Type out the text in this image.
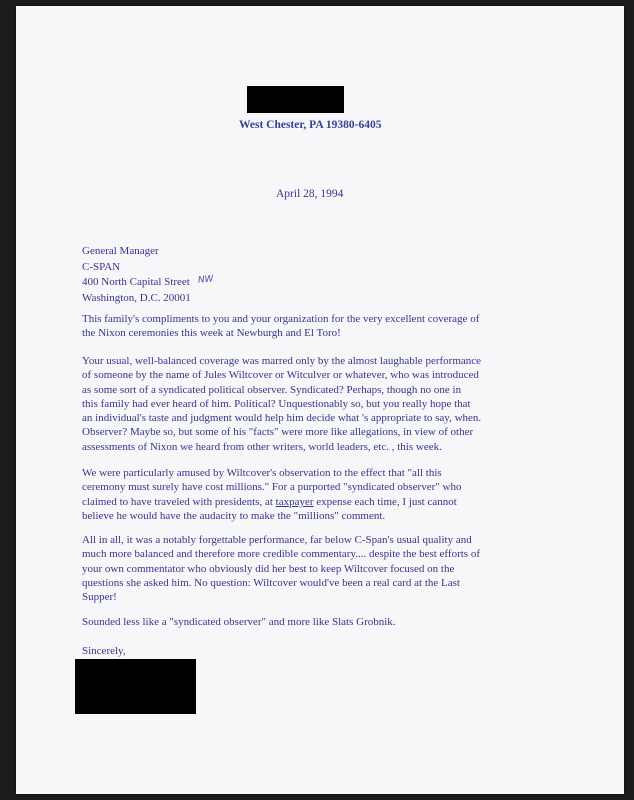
West Chester, PA 19380-6405
April 28, 1994
General Manager
C-SPAN
400 North Capital Street NW
Washington, D.C. 20001
This family's compliments to you and your organization for the very excellent coverage of
the Nixon ceremonies this week at Newburgh and El Toro!
Your usual, well-balanced coverage was marred only by the almost laughable performance
of someone by the name of Jules Wiltcover or Witculver or whatever, who was introduced
as some sort of a syndicated political observer. Syndicated? Perhaps, though no one in
this family had ever heard of him. Political? Unquestionably so, but you really hope that
an individual's taste and judgment would help him decide what 's appropriate to say, when.
Observer? Maybe so, but some of his "facts" were more like allegations, in view of other
assessments of Nixon we heard from other writers, world leaders, etc. , this week.
We were particularly amused by Wiltcover's observation to the effect that "all this
ceremony must surely have cost millions." For a purported "syndicated observer" who
claimed to have traveled with presidents, at taxpayer expense each time, I just cannot
believe he would have the audacity to make the "millions" comment.
All in all, it was a notably forgettable performance, far below C-Span's usual quality and
much more balanced and therefore more credible commentary.... despite the best efforts of
your own commentator who obviously did her best to keep Wiltcover focused on the
questions she asked him. No question: Wiltcover would've been a real card at the Last
Supper!
Sounded less like a "syndicated observer" and more like Slats Grobnik.
Sincerely,
